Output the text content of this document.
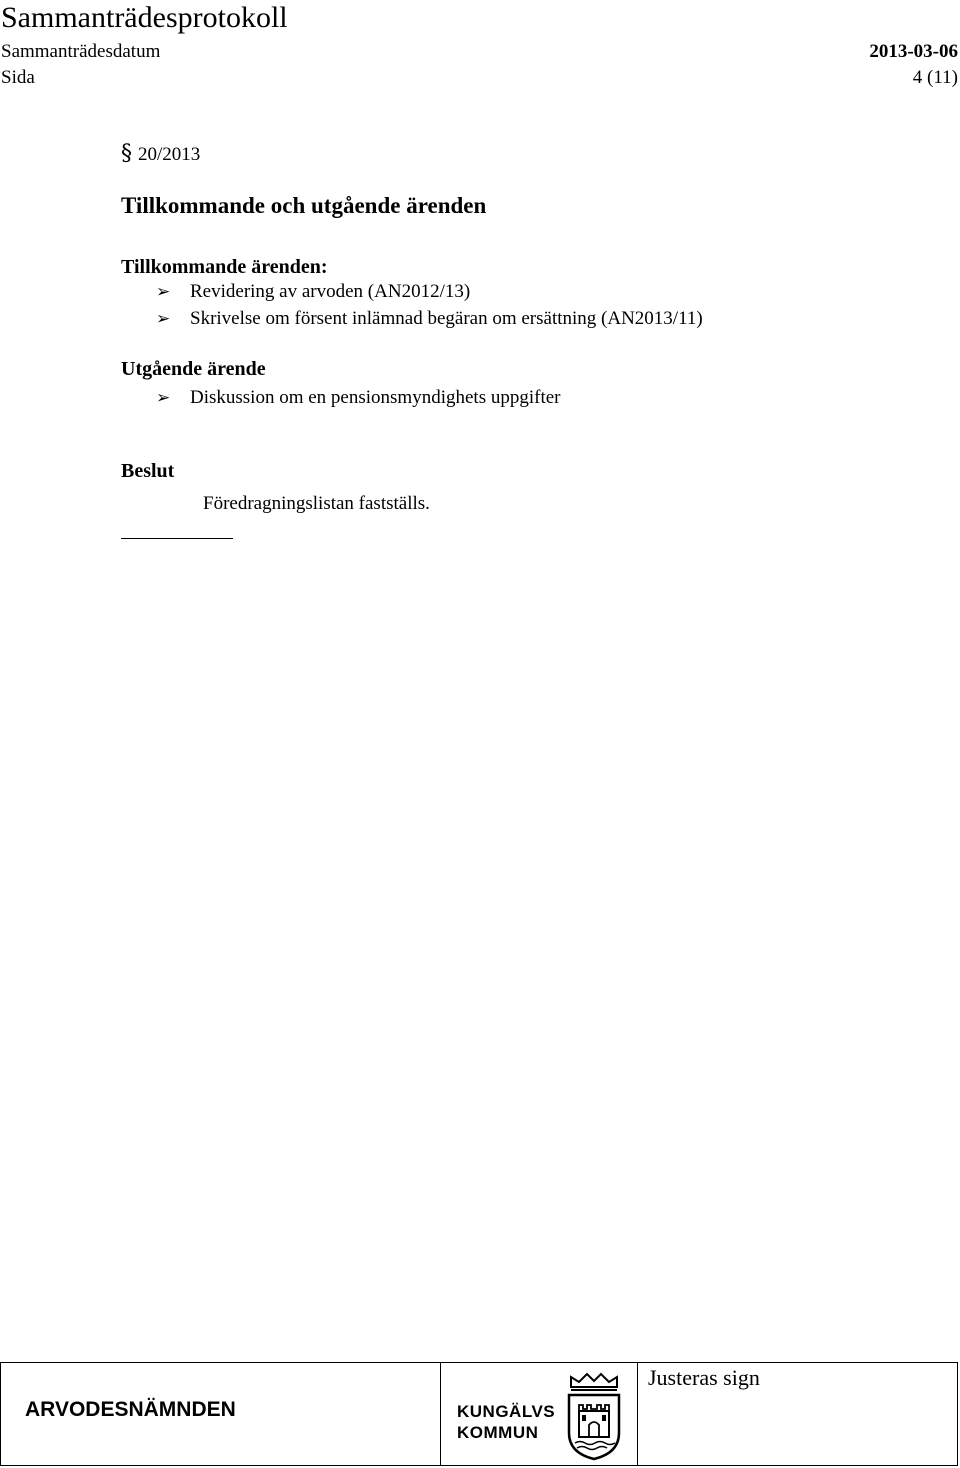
Sammanträdesprotokoll
Sammanträdesdatum	2013-03-06
Sida	4 (11)
§ 20/2013
Tillkommande och utgående ärenden
Tillkommande ärenden:
➢ Revidering av arvoden (AN2012/13)
➢ Skrivelse om försent inlämnad begäran om ersättning (AN2013/11)
Utgående ärende
➢ Diskussion om en pensionsmyndighets uppgifter
Beslut
Föredragningslistan fastställs.
ARVODESNÄMNDEN	KUNGÄLVS
KOMMUN
Justeras sign
